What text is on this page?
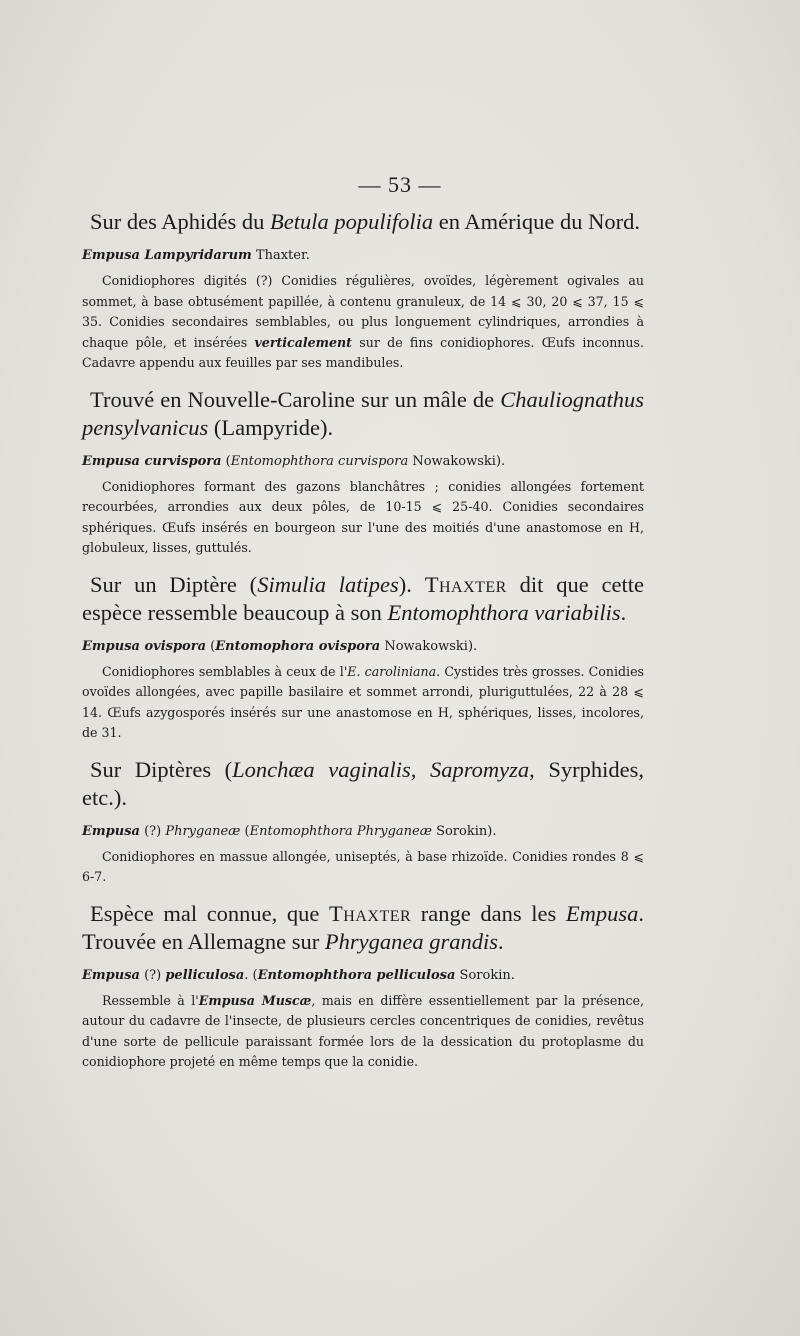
— 53 —

Sur des Aphidés du Betula populifolia en Amérique du Nord.

Empusa Lampyridarum Thaxter.

Conidiophores digités (?) Conidies régulières, ovoïdes, légèrement ogivales au sommet, à base obtusément papillée, à contenu granuleux, de 14 ⩽ 30, 20 ⩽ 37, 15 ⩽ 35. Conidies secondaires semblables, ou plus longuement cylindriques, arrondies à chaque pôle, et insérées verticalement sur de fins conidiophores. Œufs inconnus. Cadavre appendu aux feuilles par ses mandibules.

Trouvé en Nouvelle-Caroline sur un mâle de Chauliognathus pensylvanicus (Lampyride).

Empusa curvispora (Entomophthora curvispora Nowakowski).

Conidiophores formant des gazons blanchâtres ; conidies allongées fortement recourbées, arrondies aux deux pôles, de 10-15 ⩽ 25-40. Conidies secondaires sphériques. Œufs insérés en bourgeon sur l'une des moitiés d'une anastomose en H, globuleux, lisses, guttulés.

Sur un Diptère (Simulia latipes). Thaxter dit que cette espèce ressemble beaucoup à son Entomophthora variabilis.

Empusa ovispora (Entomophora ovispora Nowakowski).

Conidiophores semblables à ceux de l'E. caroliniana. Cystides très grosses. Conidies ovoïdes allongées, avec papille basilaire et sommet arrondi, pluriguttulées, 22 à 28 ⩽ 14. Œufs azygosporés insérés sur une anastomose en H, sphériques, lisses, incolores, de 31.

Sur Diptères (Lonchæa vaginalis, Sapromyza, Syrphides, etc.).

Empusa (?) Phryganeæ (Entomophthora Phryganeæ Sorokin).

Conidiophores en massue allongée, uniseptés, à base rhizoïde. Conidies rondes 8 ⩽ 6-7.

Espèce mal connue, que Thaxter range dans les Empusa. Trouvée en Allemagne sur Phryganea grandis.

Empusa (?) pelliculosa. (Entomophthora pelliculosa Sorokin.

Ressemble à l'Empusa Muscæ, mais en diffère essentiellement par la présence, autour du cadavre de l'insecte, de plusieurs cercles concentriques de conidies, revêtus d'une sorte de pellicule paraissant formée lors de la dessication du protoplasme du conidiophore projeté en même temps que la conidie.
